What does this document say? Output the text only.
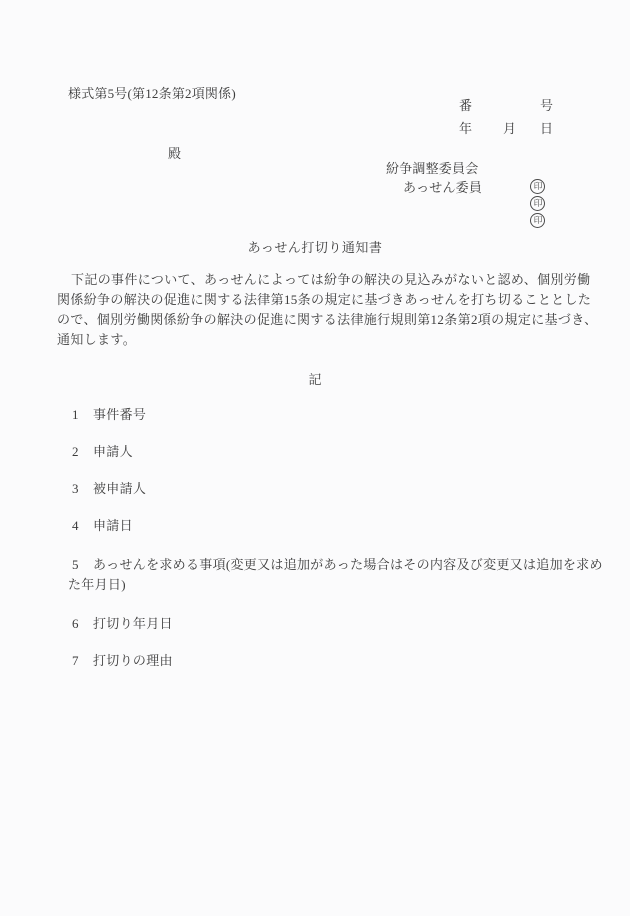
様式第5号(第12条第2項関係)
番	号
年 月 日
殿
紛争調整委員会
あっせん委員	印
印
印
あっせん打切り通知書
下記の事件について、あっせんによっては紛争の解決の見込みがないと認め、個別労働
関係紛争の解決の促進に関する法律第15条の規定に基づきあっせんを打ち切ることとした
ので、個別労働関係紛争の解決の促進に関する法律施行規則第12条第2項の規定に基づき、
通知します。
記
1 事件番号
2 申請人
3 被申請人
4 申請日
5 あっせんを求める事項(変更又は追加があった場合はその内容及び変更又は追加を求め
た年月日)
6 打切り年月日
7 打切りの理由
